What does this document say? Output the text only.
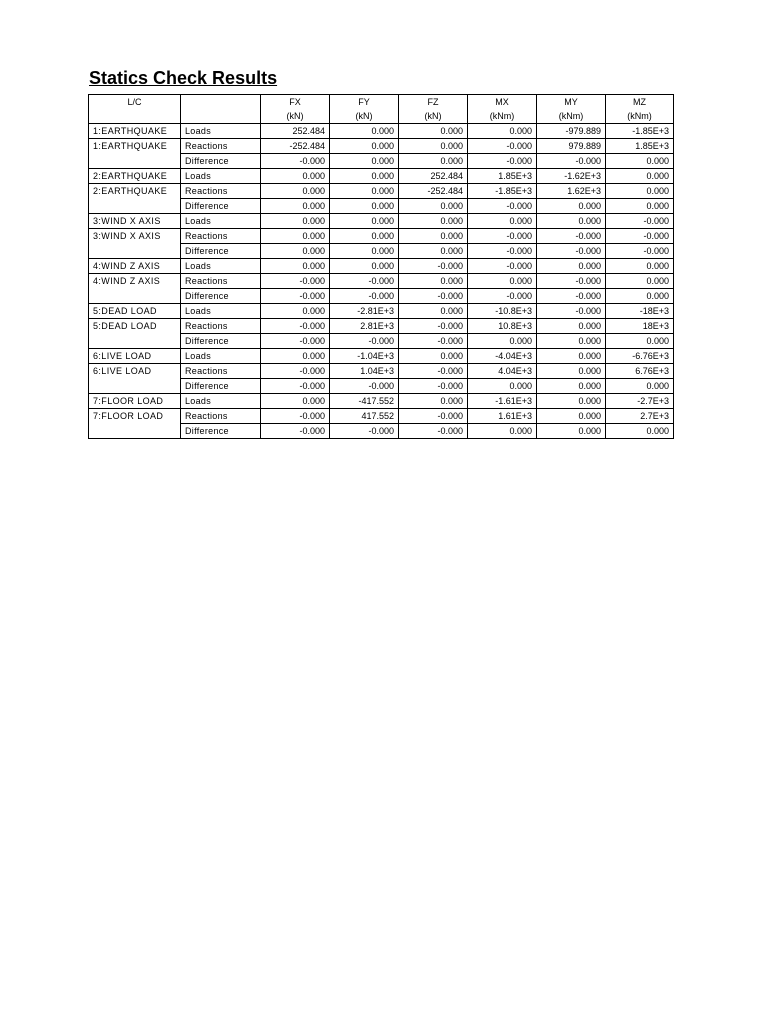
Statics Check Results
L/C		FX	FY	FZ	MX	MY	MZ
		(kN)	(kN)	(kN)	(kNm)	(kNm)	(kNm)
1:EARTHQUAKE	Loads	252.484	0.000	0.000	0.000	-979.889	-1.85E+3
1:EARTHQUAKE	Reactions	-252.484	0.000	0.000	-0.000	979.889	1.85E+3
	Difference	-0.000	0.000	0.000	-0.000	-0.000	0.000
2:EARTHQUAKE	Loads	0.000	0.000	252.484	1.85E+3	-1.62E+3	0.000
2:EARTHQUAKE	Reactions	0.000	0.000	-252.484	-1.85E+3	1.62E+3	0.000
	Difference	0.000	0.000	0.000	-0.000	0.000	0.000
3:WIND X AXIS	Loads	0.000	0.000	0.000	0.000	0.000	-0.000
3:WIND X AXIS	Reactions	0.000	0.000	0.000	-0.000	-0.000	-0.000
	Difference	0.000	0.000	0.000	-0.000	-0.000	-0.000
4:WIND Z AXIS	Loads	0.000	0.000	-0.000	-0.000	0.000	0.000
4:WIND Z AXIS	Reactions	-0.000	-0.000	0.000	0.000	-0.000	0.000
	Difference	-0.000	-0.000	-0.000	-0.000	-0.000	0.000
5:DEAD LOAD	Loads	0.000	-2.81E+3	0.000	-10.8E+3	-0.000	-18E+3
5:DEAD LOAD	Reactions	-0.000	2.81E+3	-0.000	10.8E+3	0.000	18E+3
	Difference	-0.000	-0.000	-0.000	0.000	0.000	0.000
6:LIVE LOAD	Loads	0.000	-1.04E+3	0.000	-4.04E+3	0.000	-6.76E+3
6:LIVE LOAD	Reactions	-0.000	1.04E+3	-0.000	4.04E+3	0.000	6.76E+3
	Difference	-0.000	-0.000	-0.000	0.000	0.000	0.000
7:FLOOR LOAD	Loads	0.000	-417.552	0.000	-1.61E+3	0.000	-2.7E+3
7:FLOOR LOAD	Reactions	-0.000	417.552	-0.000	1.61E+3	0.000	2.7E+3
	Difference	-0.000	-0.000	-0.000	0.000	0.000	0.000
